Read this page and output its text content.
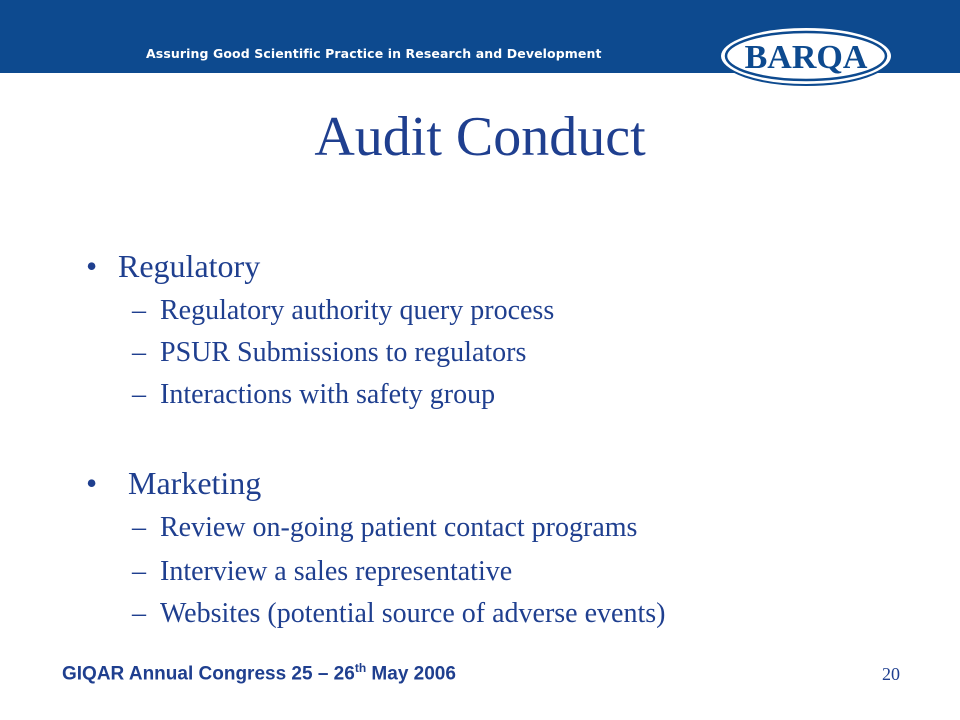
Assuring Good Scientific Practice in Research and Development	BARQA
Audit Conduct
• Regulatory
– Regulatory authority query process
– PSUR Submissions to regulators
– Interactions with safety group
• Marketing
– Review on-going patient contact programs
– Interview a sales representative
– Websites (potential source of adverse events)
GIQAR Annual Congress 25 – 26th May 2006	20
